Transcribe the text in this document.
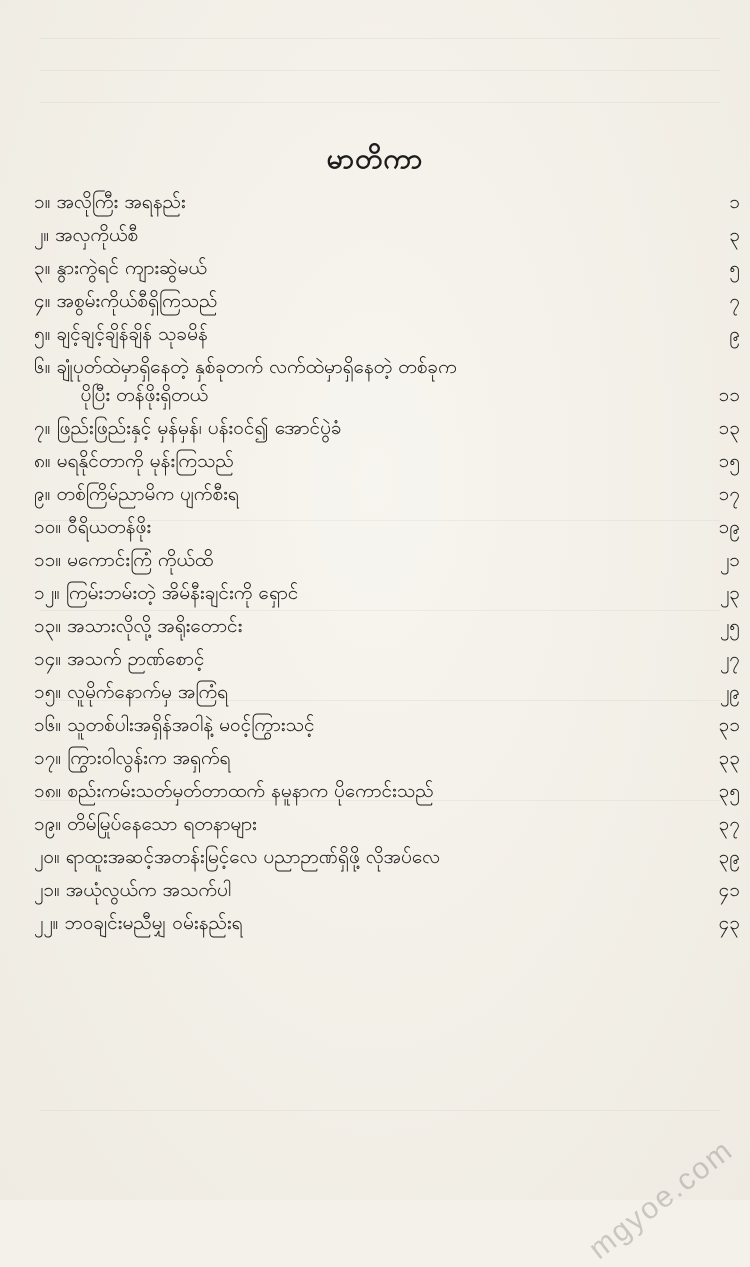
မာတိကာ
၁။ အလိုကြီး အရနည်း	၁
၂။ အလှကိုယ်စီ	၃
၃။ နွားကွဲရင် ကျားဆွဲမယ်	၅
၄။ အစွမ်းကိုယ်စီရှိကြသည်	၇
၅။ ချင့်ချင့်ချိန်ချိန် သုခမိန်	၉
၆။ ချုံပုတ်ထဲမှာရှိနေတဲ့ နှစ်ခုတက် လက်ထဲမှာရှိနေတဲ့ တစ်ခုက
ပိုပြီး တန်ဖိုးရှိတယ်	၁၁
၇။ ဖြည်းဖြည်းနှင့် မှန်မှန်၊ ပန်းဝင်၍ အောင်ပွဲခံ	၁၃
၈။ မရနိုင်တာကို မုန်းကြသည်	၁၅
၉။ တစ်ကြိမ်ညာမိက ပျက်စီးရ	၁၇
၁၀။ ဝီရိယတန်ဖိုး	၁၉
၁၁။ မကောင်းကြံ ကိုယ်ထိ	၂၁
၁၂။ ကြမ်းဘမ်းတဲ့ အိမ်နီးချင်းကို ရှောင်	၂၃
၁၃။ အသားလိုလို့ အရိုးတောင်း	၂၅
၁၄။ အသက် ဉာဏ်စောင့်	၂၇
၁၅။ လူမိုက်နောက်မှ အကြံရ	၂၉
၁၆။ သူတစ်ပါးအရှိန်အဝါနဲ့ မဝင့်ကြွားသင့်	၃၁
၁၇။ ကြွားဝါလွန်းက အရှက်ရ	၃၃
၁၈။ စည်းကမ်းသတ်မှတ်တာထက် နမူနာက ပိုကောင်းသည်	၃၅
၁၉။ တိမ်မြုပ်နေသော ရတနာများ	၃၇
၂၀။ ရာထူးအဆင့်အတန်းမြင့်လေ ပညာဉာဏ်ရှိဖို့ လိုအပ်လေ	၃၉
၂၁။ အယုံလွယ်က အသက်ပါ	၄၁
၂၂။ ဘဝချင်းမညီမျှ ဝမ်းနည်းရ	၄၃
mgyoe.com
